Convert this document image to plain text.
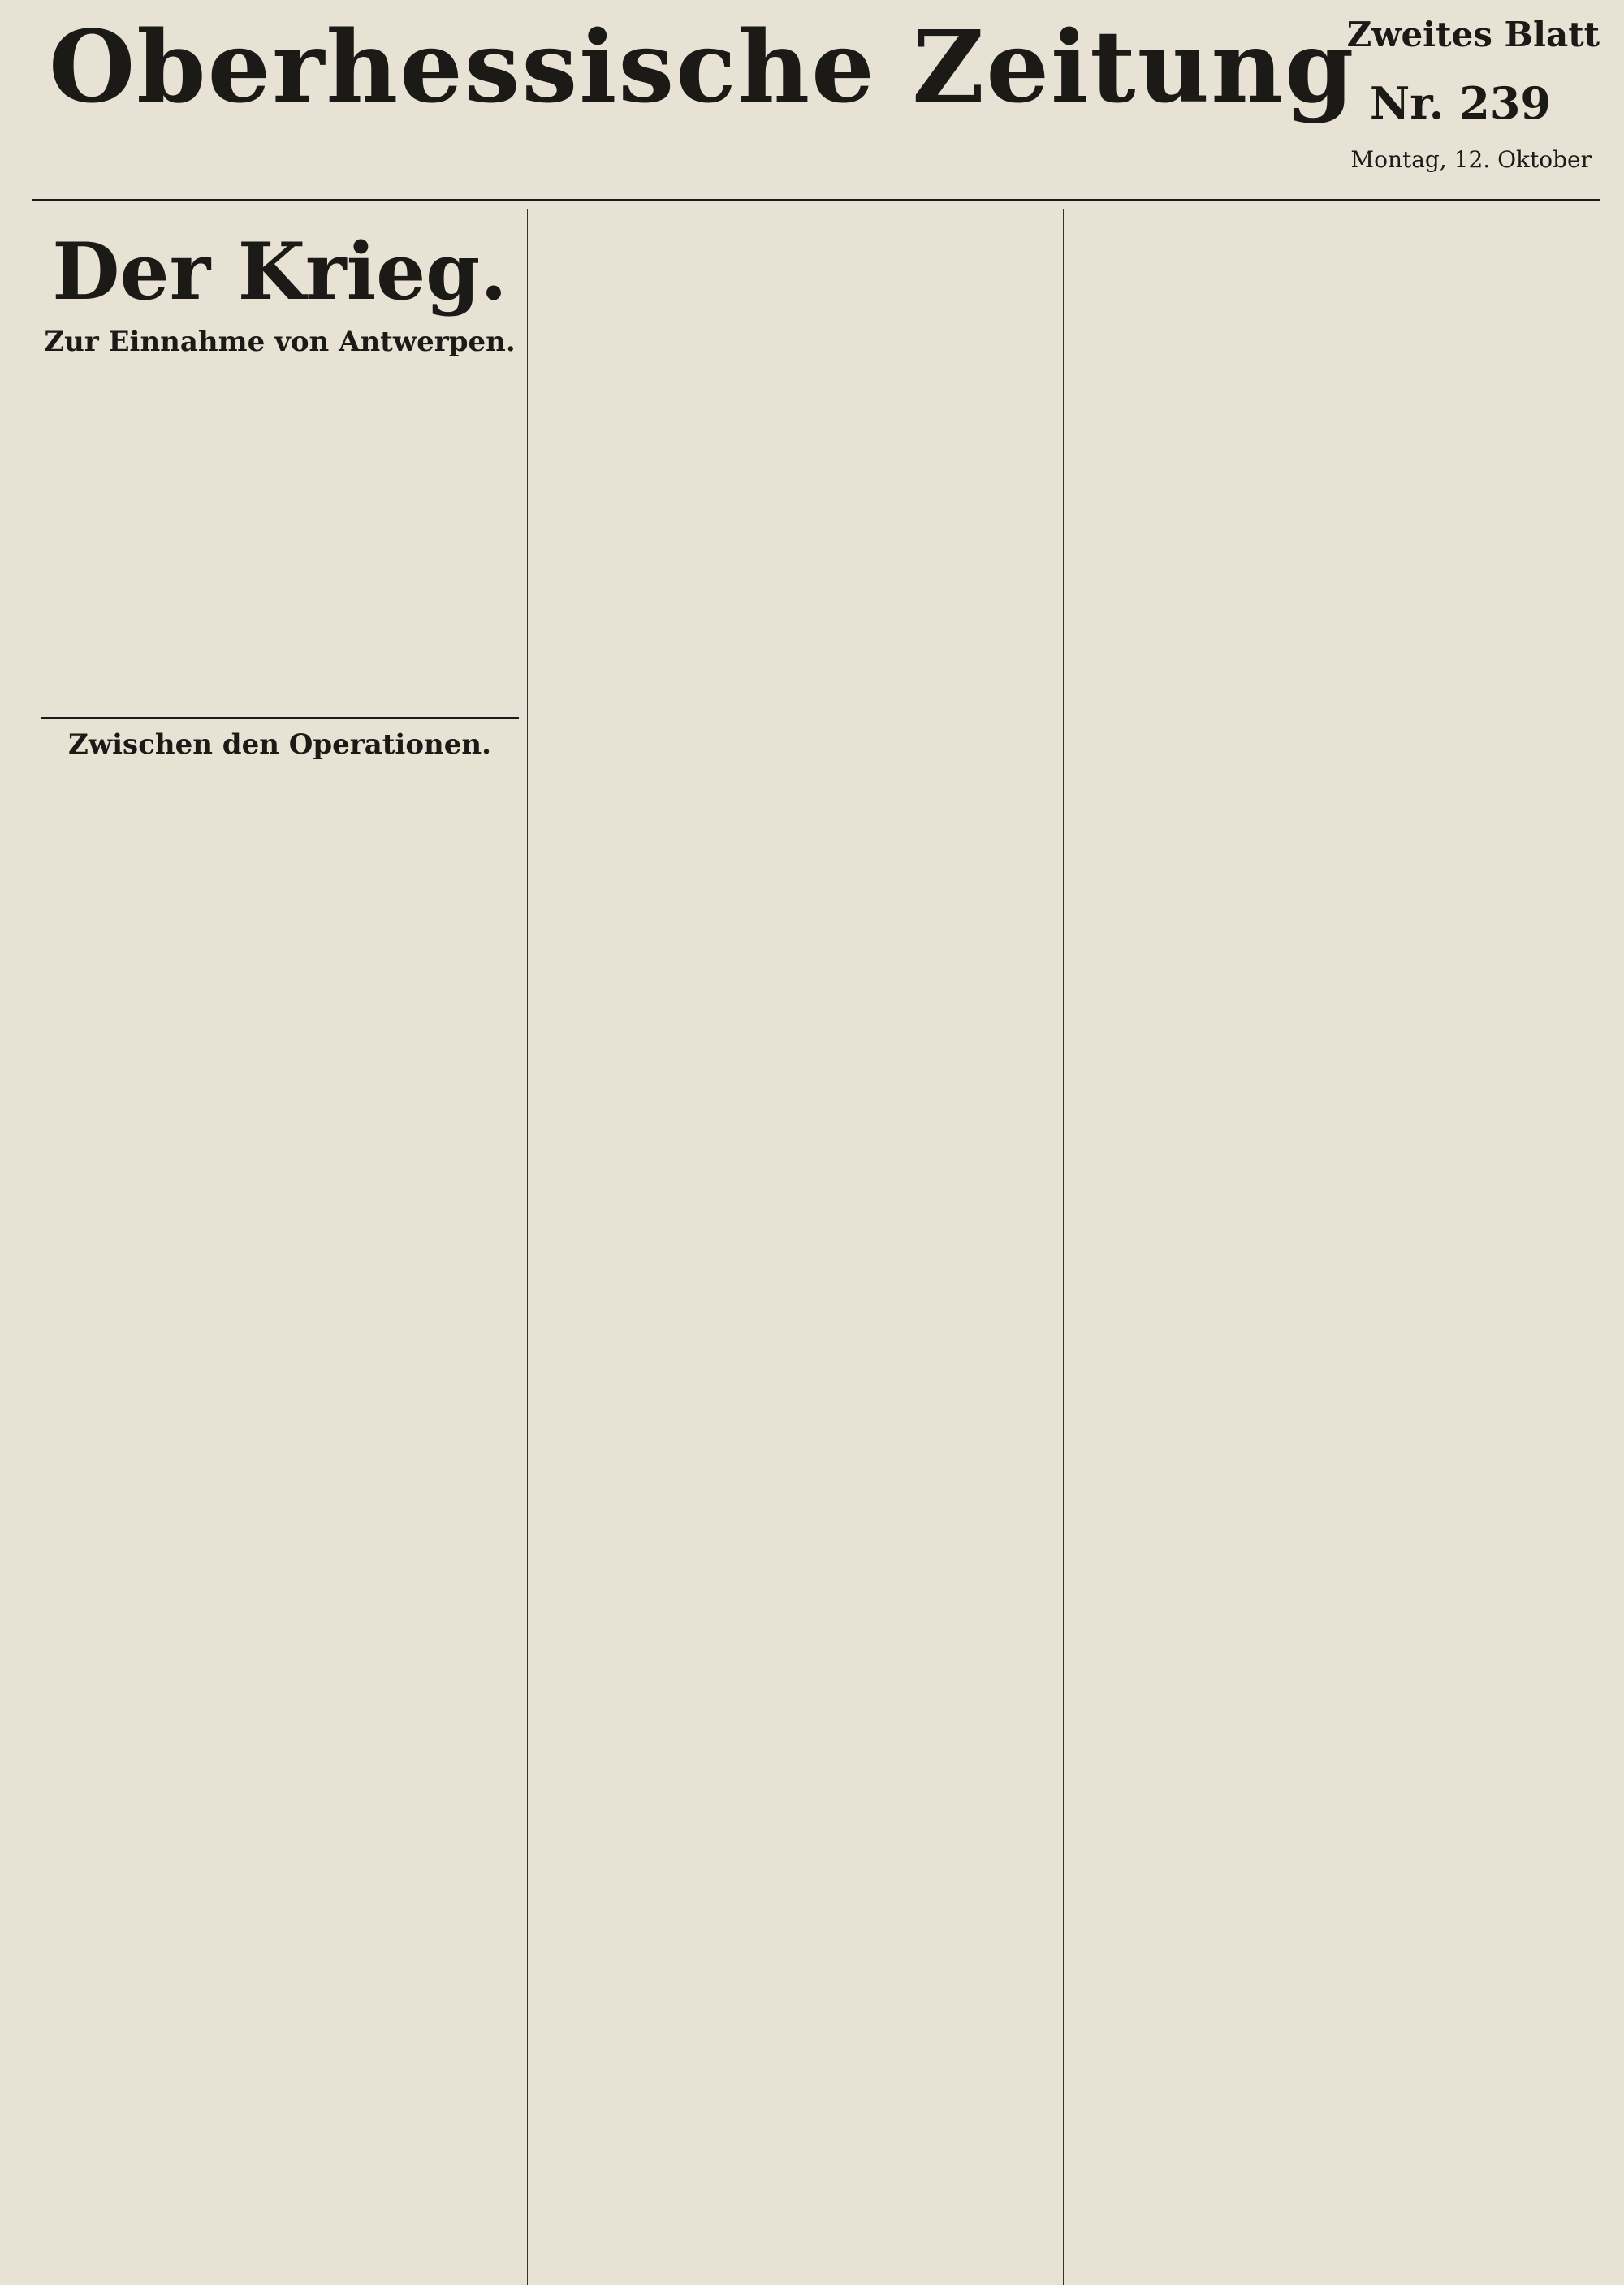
Oberhessische Zeitung
Zweites Blatt
Nr. 239
Montag, 12. Oktober
Der Krieg.
Zur Einnahme von Antwerpen.
Zwischen den Operationen.
